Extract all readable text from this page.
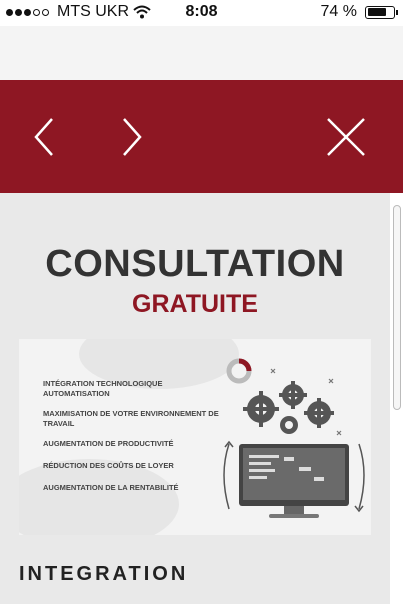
MTS UKR	8:08	74 %
CONSULTATION
GRATUITE
INTÉGRATION TECHNOLOGIQUE AUTOMATISATION
MAXIMISATION DE VOTRE ENVIRONNEMENT DE TRAVAIL
AUGMENTATION DE PRODUCTIVITÉ
RÉDUCTION DES COÛTS DE LOYER
AUGMENTATION DE LA RENTABILITÉ
INTEGRATION
